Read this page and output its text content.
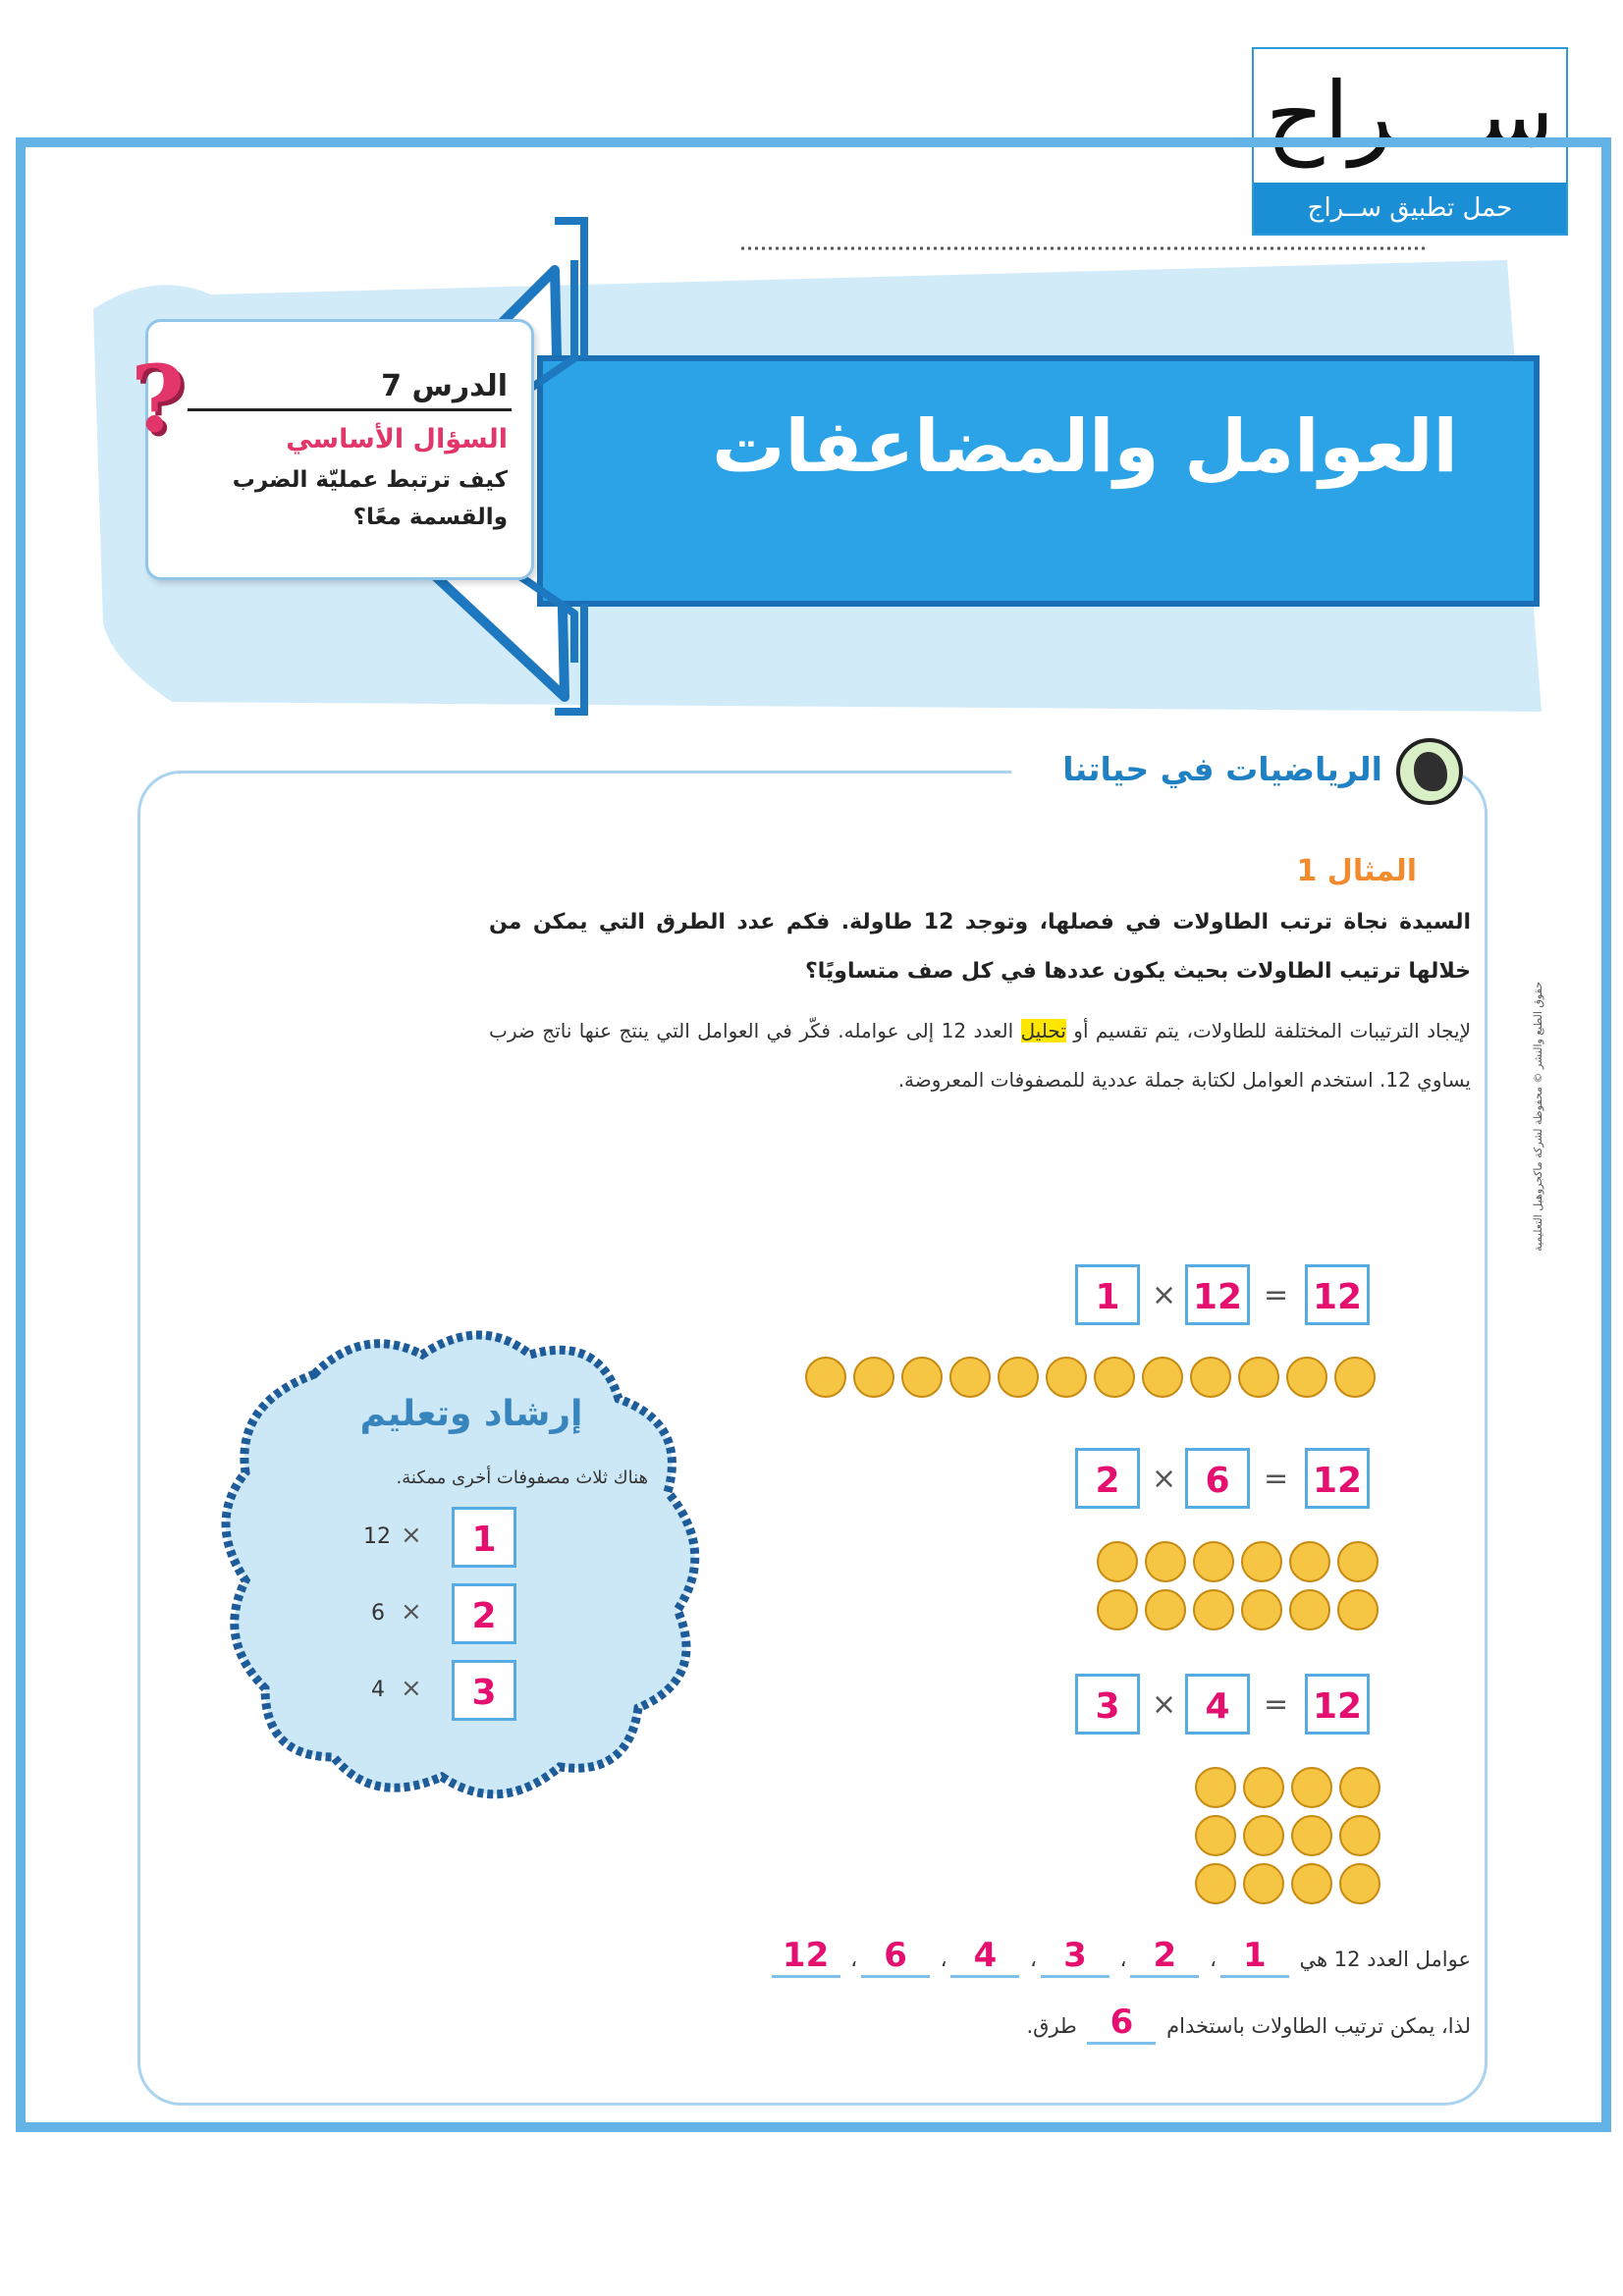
ســـراج
حمل تطبيق ســراج
العوامل والمضاعفات
الدرس 7
السؤال الأساسي
كيف ترتبط عمليّة الضرب والقسمة معًا؟
?
الرياضيات في حياتنا
المثال 1
السيدة نجاة ترتب الطاولات في فصلها، وتوجد 12 طاولة. فكم عدد الطرق التي يمكن من خلالها ترتيب الطاولات بحيث يكون عددها في كل صف متساويًا؟
لإيجاد الترتيبات المختلفة للطاولات، يتم تقسيم أو تحليل العدد 12 إلى عوامله. فكّر في العوامل التي ينتج عنها ناتج ضرب يساوي 12. استخدم العوامل لكتابة جملة عددية للمصفوفات المعروضة.
1	× 12 = 12
2	× 6	= 12
3	× 4	= 12
عوامل العدد 12 هي 1، 2، 3، 4، 6، 12
لذا، يمكن ترتيب الطاولات باستخدام 6 طرق.
إرشاد وتعليم
هناك ثلاث مصفوفات أخرى ممكنة.
12 ×	1
6 ×	2
4 ×	3
حقوق الطبع والنشر © محفوظة لشركة ماكجروهيل التعليمية
